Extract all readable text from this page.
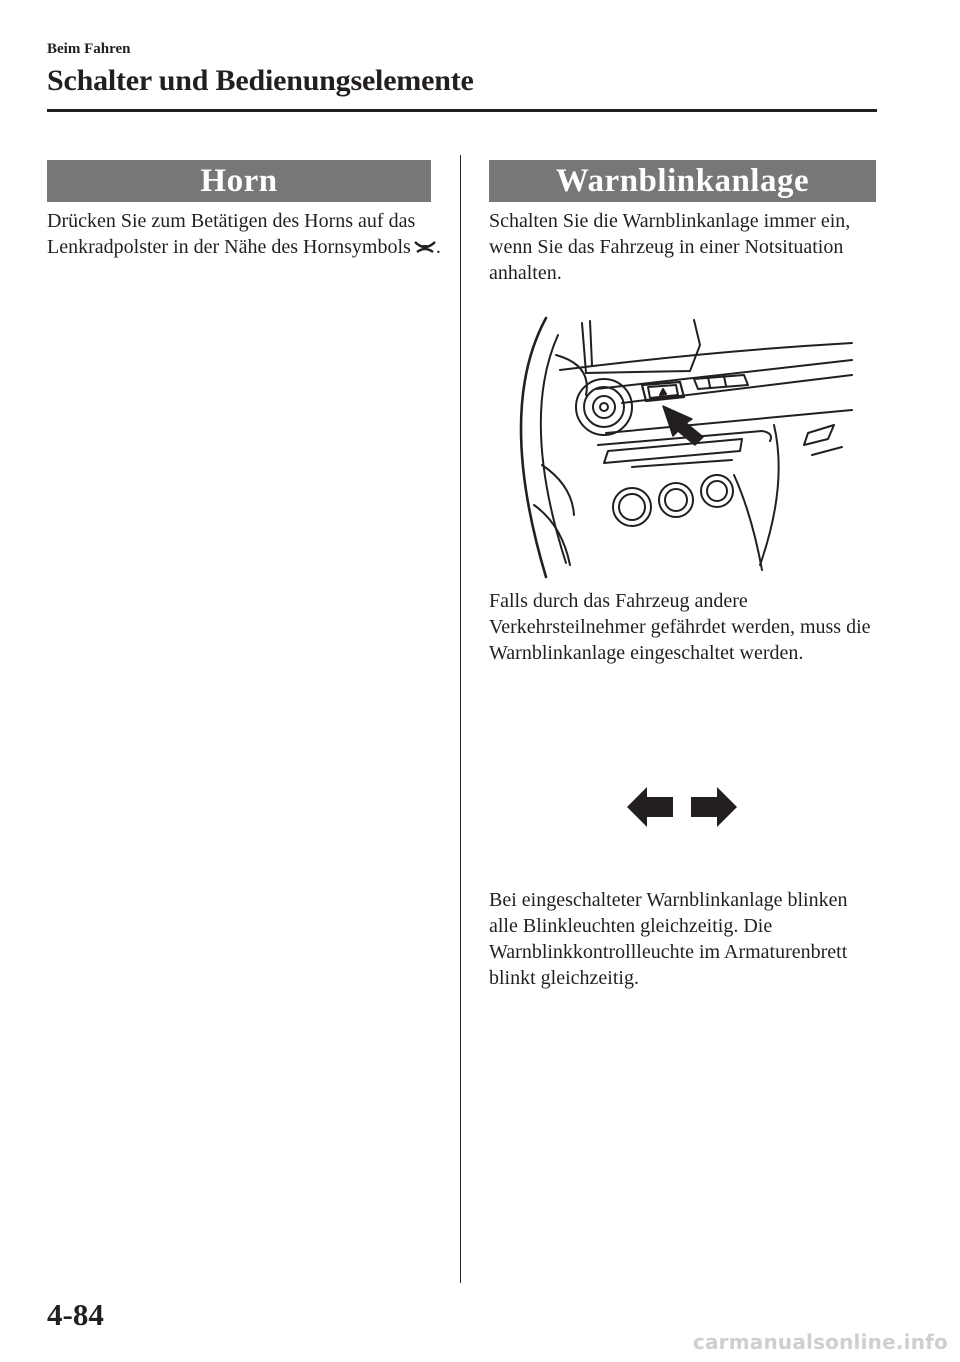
Beim Fahren
Schalter und Bedienungselemente
Horn

Drücken Sie zum Betätigen des Horns auf das Lenkradpolster in der Nähe des Hornsymbols .

Warnblinkanlage

Schalten Sie die Warnblinkanlage immer ein, wenn Sie das Fahrzeug in einer Notsituation anhalten.

Falls durch das Fahrzeug andere Verkehrsteilnehmer gefährdet werden, muss die Warnblinkanlage eingeschaltet werden.

Bei eingeschalteter Warnblinkanlage blinken alle Blinkleuchten gleichzeitig. Die Warnblinkkontrollleuchte im Armaturenbrett blinkt gleichzeitig.

4-84
carmanualsonline.info
